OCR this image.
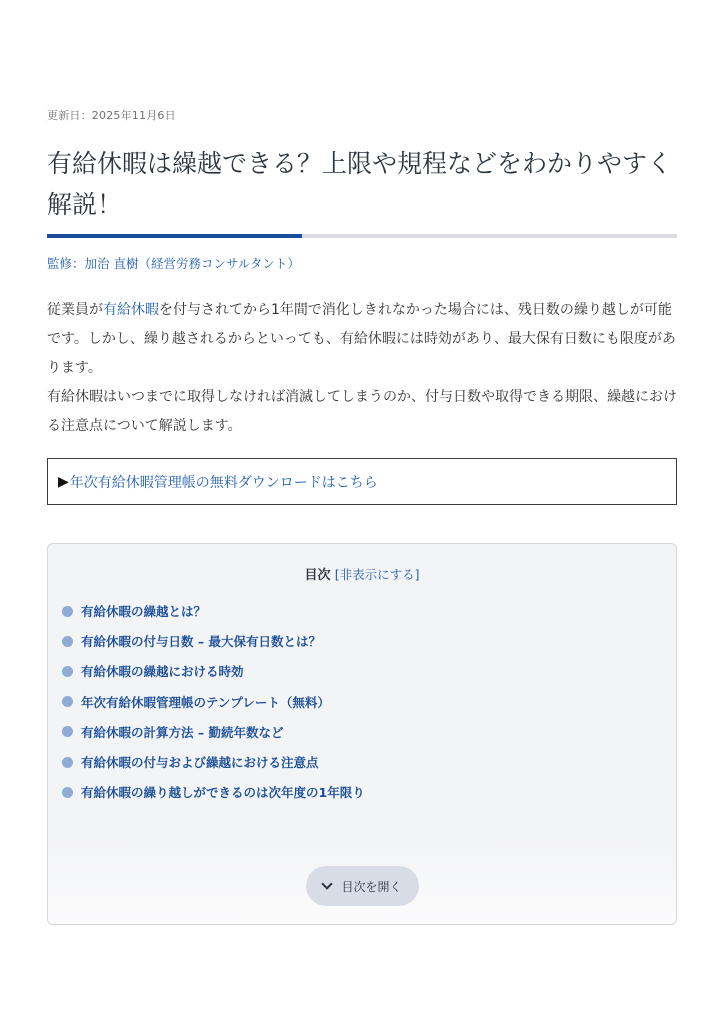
更新日：2025年11月6日
有給休暇は繰越できる？上限や規程などをわかりやすく解説！
監修：加治 直樹（経営労務コンサルタント）

従業員が有給休暇を付与されてから1年間で消化しきれなかった場合には、残日数の繰り越しが可能です。しかし、繰り越されるからといっても、有給休暇には時効があり、最大保有日数にも限度があります。

有給休暇はいつまでに取得しなければ消滅してしまうのか、付与日数や取得できる期限、繰越における注意点について解説します。

▶ 年次有給休暇管理帳の無料ダウンロードはこちら
目次 [非表示にする]
有給休暇の繰越とは？
有給休暇の付与日数 – 最大保有日数とは？
有給休暇の繰越における時効
年次有給休暇管理帳のテンプレート（無料）
有給休暇の計算方法 – 勤続年数など
有給休暇の付与および繰越における注意点
有給休暇の繰り越しができるのは次年度の1年限り
目次を開く
